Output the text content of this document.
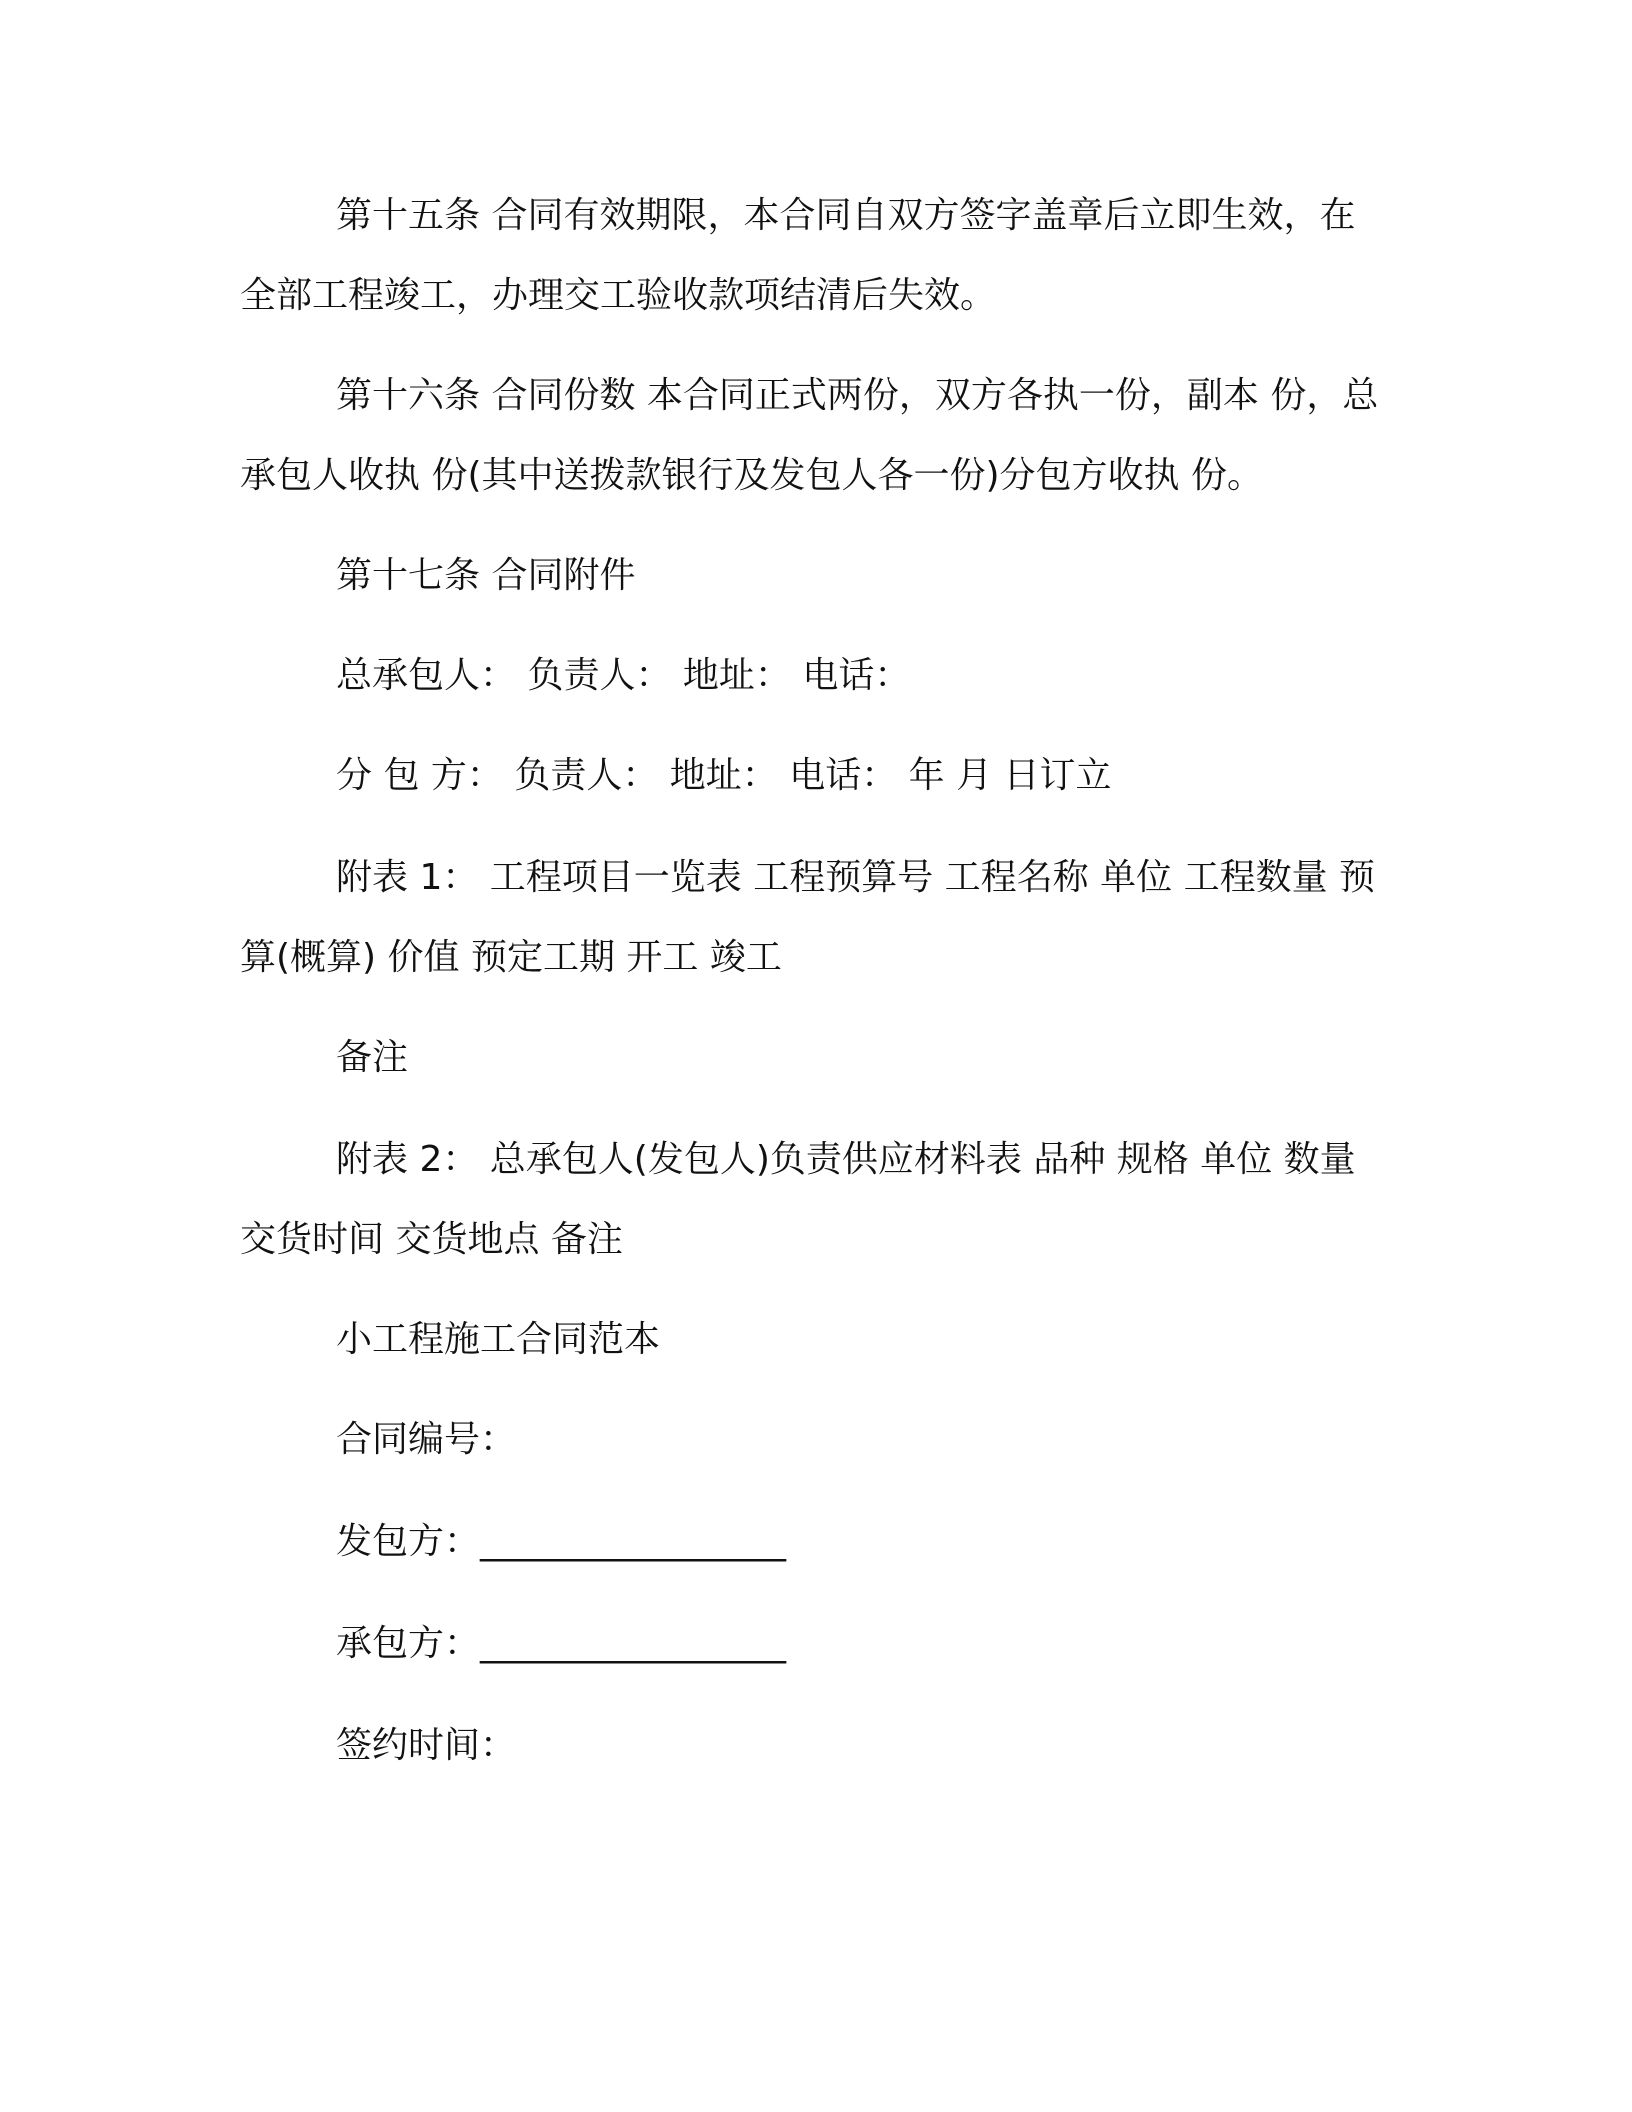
第十五条 合同有效期限，本合同自双方签字盖章后立即生效，在全部工程竣工，办理交工验收款项结清后失效。

第十六条 合同份数 本合同正式两份，双方各执一份，副本 份，总承包人收执 份(其中送拨款银行及发包人各一份)分包方收执 份。

第十七条 合同附件

总承包人： 负责人： 地址： 电话：

分 包 方： 负责人： 地址： 电话： 年 月 日订立

附表 1： 工程项目一览表 工程预算号 工程名称 单位 工程数量 预算(概算) 价值 预定工期 开工 竣工

备注

附表 2： 总承包人(发包人)负责供应材料表 品种 规格 单位 数量 交货时间 交货地点 备注

小工程施工合同范本

合同编号：

发包方：_________________

承包方：_________________

签约时间：
